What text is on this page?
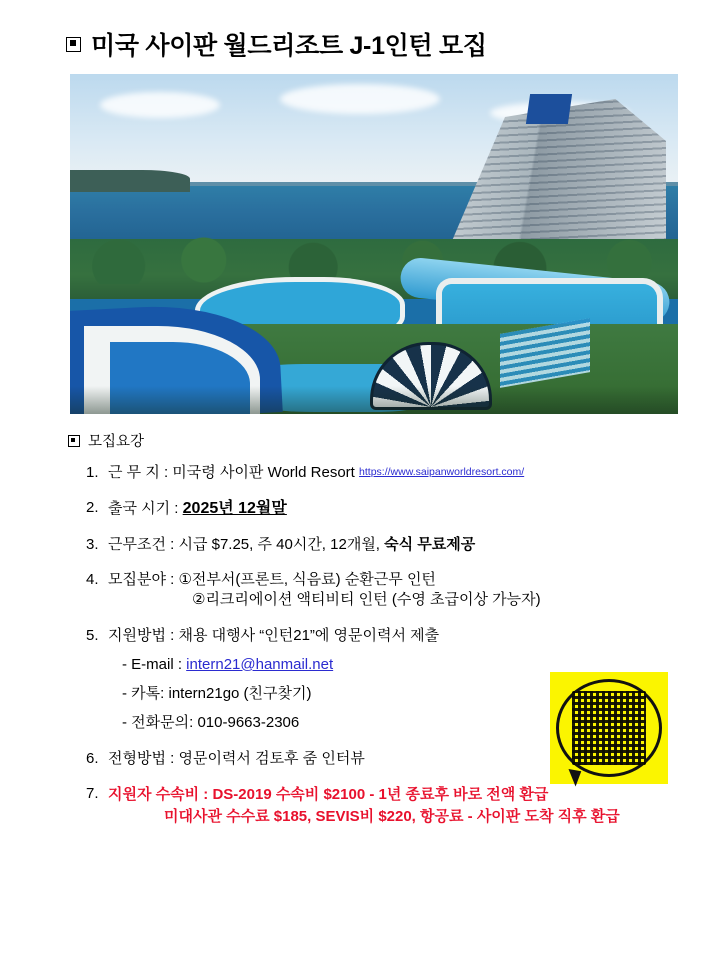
미국 사이판 월드리조트 J-1인턴 모집
모집요강
1. 근 무 지 : 미국령 사이판 World Resort https://www.saipanworldresort.com/
2. 출국 시기 : 2025년 12월말
3. 근무조건 : 시급 $7.25, 주 40시간, 12개월, 숙식 무료제공
4. 모집분야 : ①전부서(프론트, 식음료) 순환근무 인턴
②리크리에이션 액티비티 인턴 (수영 초급이상 가능자)
5. 지원방법 : 채용 대행사 “인턴21”에 영문이력서 제출
- E-mail : intern21@hanmail.net
- 카톡: intern21go (친구찾기)
- 전화문의: 010-9663-2306
6. 전형방법 : 영문이력서 검토후 줌 인터뷰
7. 지원자 수속비 : DS-2019 수속비 $2100 - 1년 종료후 바로 전액 환급
미대사관 수수료 $185, SEVIS비 $220, 항공료 - 사이판 도착 직후 환급
